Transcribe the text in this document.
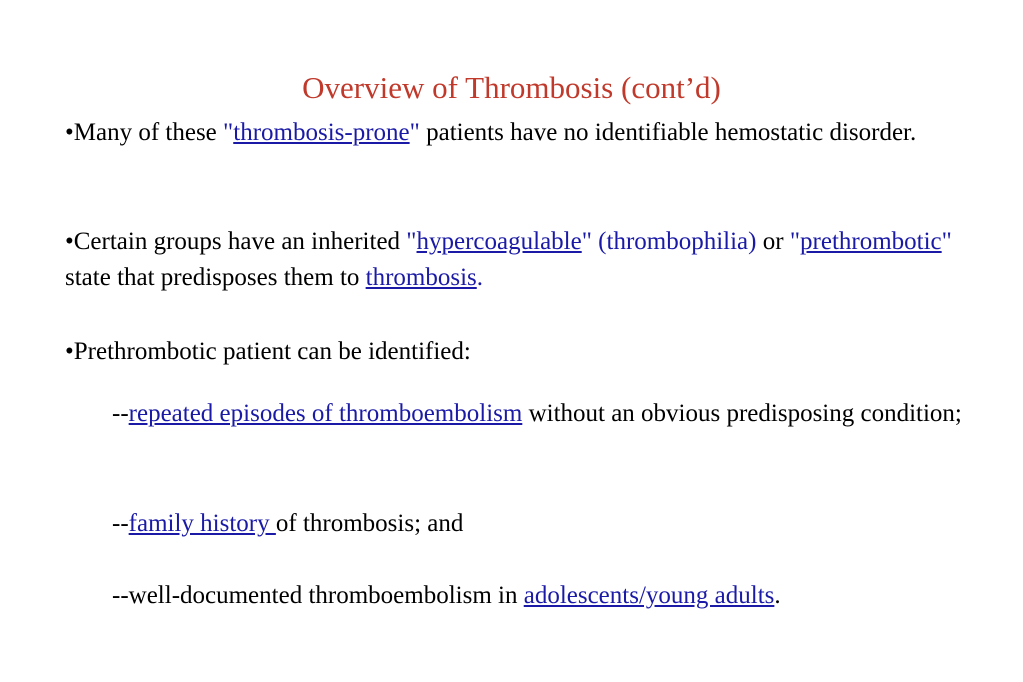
Overview of Thrombosis (cont’d)

•Many of these "thrombosis-prone" patients have no identifiable hemostatic disorder.

•Certain groups have an inherited "hypercoagulable" (thrombophilia) or "prethrombotic" state that predisposes them to thrombosis.

•Prethrombotic patient can be identified:

--repeated episodes of thromboembolism without an obvious predisposing condition;

--family history of thrombosis; and

--well-documented thromboembolism in adolescents/young adults.
